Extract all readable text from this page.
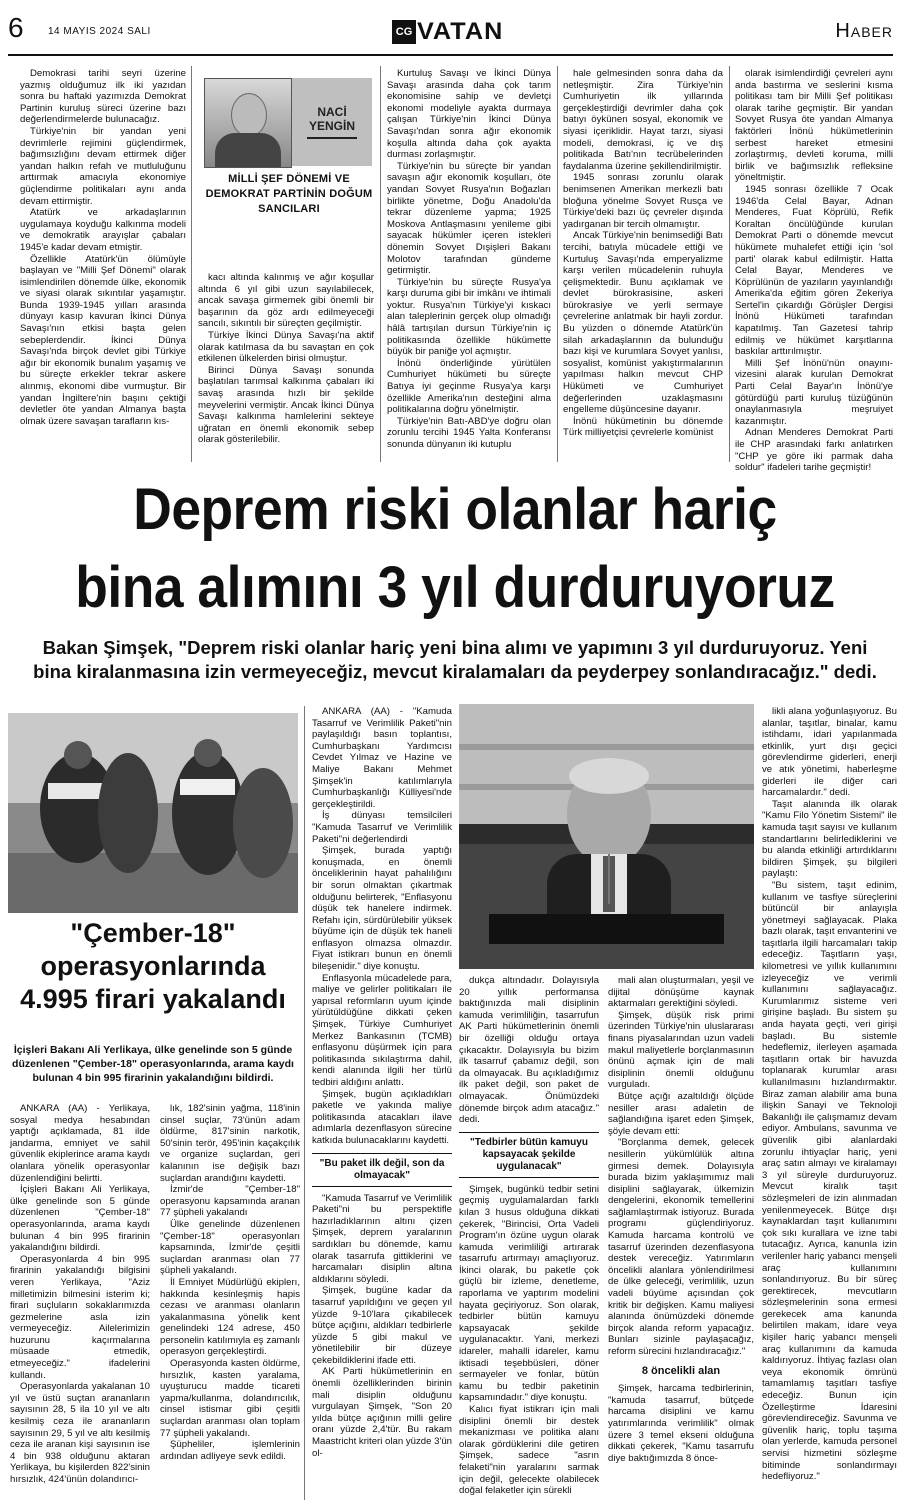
6 14 MAYIS 2024 SALI	CG VATAN	Haber

Demokrasi tarihi seyri üzerine yazmış olduğumuz ilk iki yazıdan sonra bu haftaki yazımızda Demokrat Partinin kuruluş süreci üzerine bazı değerlendirmelerde bulunacağız.

Türkiye'nin bir yandan yeni devrimlerle rejimini güçlendirmek, bağımsızlığını devam ettirmek diğer yandan halkın refah ve mutluluğunu arttırmak amacıyla ekonomiye güçlendirme politikaları aynı anda devam ettirmiştir.

Atatürk ve arkadaşlarının uygulamaya koyduğu kalkınma modeli ve demokratik arayışlar çabaları 1945'e kadar devam etmiştir.

Özellikle Atatürk'ün ölümüyle başlayan ve "Milli Şef Dönemi" olarak isimlendirilen dönemde ülke, ekonomik ve siyasi olarak sıkıntılar yaşamıştır. Bunda 1939-1945 yılları arasında dünyayı kasıp kavuran İkinci Dünya Savaşı'nın etkisi başta gelen sebeplerdendir. İkinci Dünya Savaşı'nda birçok devlet gibi Türkiye ağır bir ekonomik bunalım yaşamış ve bu süreçte erkekler tekrar askere alınmış, ekonomi dibe vurmuştur. Bir yandan İngiltere'nin başını çektiği devletler öte yandan Almanya başta olmak üzere savaşan tarafların kıs-

NACİ
YENGİN
MİLLİ ŞEF DÖNEMİ VE DEMOKRAT PARTİNİN DOĞUM SANCILARI

kacı altında kalınmış ve ağır koşullar altında 6 yıl gibi uzun sayılabilecek, ancak savaşa girmemek gibi önemli bir başarının da göz ardı edilmeyeceği sancılı, sıkıntılı bir süreçten geçilmiştir.

Türkiye İkinci Dünya Savaşı'na aktif olarak katılmasa da bu savaştan en çok etkilenen ülkelerden birisi olmuştur.

Birinci Dünya Savaşı sonunda başlatılan tarımsal kalkınma çabaları iki savaş arasında hızlı bir şekilde meyvelerini vermiştir. Ancak İkinci Dünya Savaşı kalkınma hamlelerini sekteye uğratan en önemli ekonomik sebep olarak gösterilebilir.

Kurtuluş Savaşı ve İkinci Dünya Savaşı arasında daha çok tarım ekonomisine sahip ve devletçi ekonomi modeliyle ayakta durmaya çalışan Türkiye'nin İkinci Dünya Savaşı'ndan sonra ağır ekonomik koşulla altında daha çok ayakta durması zorlaşmıştır.

Türkiye'nin bu süreçte bir yandan savaşın ağır ekonomik koşulları, öte yandan Sovyet Rusya'nın Boğazları birlikte yönetme, Doğu Anadolu'da tekrar düzenleme yapma; 1925 Moskova Antlaşmasını yenileme gibi sayacak hükümler içeren istekleri dönemin Sovyet Dışişleri Bakanı Molotov tarafından gündeme getirmiştir.

Türkiye'nin bu süreçte Rusya'ya karşı duruma gibi bir imkânı ve ihtimali yoktur. Rusya'nın Türkiye'yi kıskacı alan taleplerinin gerçek olup olmadığı hâlâ tartışılan dursun Türkiye'nin iç politikasında özellikle hükümette büyük bir paniğe yol açmıştır.

İnönü önderliğinde yürütülen Cumhuriyet hükümeti bu süreçte Batıya iyi geçinme Rusya'ya karşı özellikle Amerika'nın desteğini alma politikalarına doğru yönelmiştir.

Türkiye'nin Batı-ABD'ye doğru olan zorunlu tercihi 1945 Yalta Konferansı sonunda dünyanın iki kutuplu

hale gelmesinden sonra daha da netleşmiştir. Zira Türkiye'nin Cumhuriyetin ilk yıllarında gerçekleştirdiği devrimler daha çok batıyı öykünen sosyal, ekonomik ve siyasi içeriklidir. Hayat tarzı, siyasi modeli, demokrasi, iç ve dış politikada Batı'nın tecrübelerinden faydalanma üzerine şekillendirilmiştir.

1945 sonrası zorunlu olarak benimsenen Amerikan merkezli batı bloğuna yönelme Sovyet Rusça ve Türkiye'deki bazı üç çevreler dışında yadırganan bir tercih olmamıştır.

Ancak Türkiye'nin benimsediği Batı tercihi, batıyla mücadele ettiği ve Kurtuluş Savaşı'nda emperyalizme karşı verilen mücadelenin ruhuyla çelişmektedir. Bunu açıklamak ve devlet bürokrasisine, askeri bürokrasiye ve yerli sermaye çevrelerine anlatmak bir hayli zordur. Bu yüzden o dönemde Atatürk'ün silah arkadaşlarının da bulunduğu bazı kişi ve kurumlara Sovyet yanlısı, sosyalist, komünist yakıştırmalarının yapılması halkın mevcut CHP Hükümeti ve Cumhuriyet değerlerinden uzaklaşmasını engelleme düşüncesine dayanır.

İnönü hükümetinin bu dönemde Türk milliyetçisi çevrelerle komünist

olarak isimlendirdiği çevreleri aynı anda bastırma ve seslerini kısma politikası tam bir Milli Şef politikası olarak tarihe geçmiştir. Bir yandan Sovyet Rusya öte yandan Almanya faktörleri İnönü hükümetlerinin serbest hareket etmesini zorlaştırmış, devleti koruma, milli birlik ve bağımsızlık refleksine yöneltmiştir.

1945 sonrası özellikle 7 Ocak 1946'da Celal Bayar, Adnan Menderes, Fuat Köprülü, Refik Koraltan öncülüğünde kurulan Demokrat Parti o dönemde mevcut hükümete muhalefet ettiği için 'sol parti' olarak kabul edilmiştir. Hatta Celal Bayar, Menderes ve Köprülünün de yazıların yayınlandığı Amerika'da eğitim gören Zekeriya Sertel'in çıkardığı Görüşler Dergisi İnönü Hükümeti tarafından kapatılmış. Tan Gazetesi tahrip edilmiş ve hükümet karşıtlarına baskılar arttırılmıştır.

Milli Şef İnönü'nün onayını- vizesini alarak kurulan Demokrat Parti Celal Bayar'ın İnönü'ye götürdüğü parti kuruluş tüzüğünün onaylanmasıyla meşruiyet kazanmıştır.

Adnan Menderes Demokrat Parti ile CHP arasındaki farkı anlatırken "CHP ye göre iki parmak daha soldur" ifadeleri tarihe geçmiştir!

Deprem riski olanlar hariç
bina alımını 3 yıl durduruyoruz
Bakan Şimşek, "Deprem riski olanlar hariç yeni bina alımı ve yapımını 3 yıl durduruyoruz. Yeni bina kiralanmasına izin vermeyeceğiz, mevcut kiralamaları da peyderpey sonlandıracağız." dedi.
"Çember-18"
operasyonlarında
4.995 firari yakalandı
İçişleri Bakanı Ali Yerlikaya, ülke genelinde son 5 günde düzenlenen "Çember-18" operasyonlarında, arama kaydı bulunan 4 bin 995 firarinin yakalandığını bildirdi.

ANKARA (AA) - Yerlikaya, sosyal medya hesabından yaptığı açıklamada, 81 ilde jandarma, emniyet ve sahil güvenlik ekiplerince arama kaydı olanlara yönelik operasyonlar düzenlendiğini belirtti.

İçişleri Bakanı Ali Yerlikaya, ülke genelinde son 5 günde düzenlenen "Çember-18" operasyonlarında, arama kaydı bulunan 4 bin 995 firarinin yakalandığını bildirdi.

Operasyonlarda 4 bin 995 firarinin yakalandığı bilgisini veren Yerlikaya, "Aziz milletimizin bilmesini isterim ki; firari suçluların sokaklarımızda gezmelerine asla izin vermeyeceğiz. Ailelerimizin huzurunu kaçırmalarına müsaade etmedik, etmeyeceğiz." ifadelerini kullandı.

Operasyonlarda yakalanan 10 yıl ve üstü suçtan arananların sayısının 28, 5 ila 10 yıl ve altı kesilmiş ceza ile arananların sayısının 29, 5 yıl ve altı kesilmiş ceza ile aranan kişi sayısının ise 4 bin 938 olduğunu aktaran Yerlikaya, bu kişilerden 822'sinin hırsızlık, 424'ünün dolandırıcı-

lık, 182'sinin yağma, 118'inin cinsel suçlar, 73'ünün adam öldürme, 817'sinin narkotik, 50'sinin terör, 495'inin kaçakçılık ve organize suçlardan, geri kalanının ise değişik bazı suçlardan arandığını kaydetti.

İzmir'de "Çember-18" operasyonu kapsamında aranan 77 şüpheli yakalandı

Ülke genelinde düzenlenen "Çember-18" operasyonları kapsamında, İzmir'de çeşitli suçlardan aranması olan 77 şüpheli yakalandı.

İl Emniyet Müdürlüğü ekiplerı, hakkında kesinleşmiş hapis cezası ve aranması olanların yakalanmasına yönelik kent genelindeki 124 adrese, 450 personelin katılımıyla eş zamanlı operasyon gerçekleştirdi.

Operasyonda kasten öldürme, hırsızlık, kasten yaralama, uyuşturucu madde ticareti yapma/kullanma, dolandırıcılık, cinsel istismar gibi çeşitli suçlardan aranması olan toplam 77 şüpheli yakalandı.

Şüpheliler, işlemlerinin ardından adliyeye sevk edildi.

ANKARA (AA) - "Kamuda Tasarruf ve Verimlilik Paketi"nin paylaşıldığı basın toplantısı, Cumhurbaşkanı Yardımcısı Cevdet Yılmaz ve Hazine ve Maliye Bakanı Mehmet Şimşek'in katılımlarıyla Cumhurbaşkanlığı Külliyesi'nde gerçekleştirildi.

İş dünyası temsilcileri "Kamuda Tasarruf ve Verimlilik Paketi"ni değerlendirdi

Şimşek, burada yaptığı konuşmada, en önemli önceliklerinin hayat pahalılığını bir sorun olmaktan çıkartmak olduğunu belirterek, "Enflasyonu düşük tek hanelere indirmek. Refahı için, sürdürülebilir yüksek büyüme için de düşük tek haneli enflasyon olmazsa olmazdır. Fiyat istikrarı bunun en önemli bileşenidir." diye konuştu.

Enflasyonla mücadelede para, maliye ve gelirler politikaları ile yapısal reformların uyum içinde yürütüldüğüne dikkati çeken Şimşek, Türkiye Cumhuriyet Merkez Bankasının (TCMB) enflasyonu düşürmek için para politikasında sıkılaştırma dahil, kendi alanında ilgili her türlü tedbiri aldığını anlattı.

Şimşek, bugün açıkladıkları paketle ve yakında maliye politikasında atacakları ilave adımlarla dezenflasyon sürecine katkıda bulunacaklarını kaydetti.

"Bu paket ilk değil, son da olmayacak"

"Kamuda Tasarruf ve Verimlilik Paketi"ni bu perspektifle hazırladıklarının altını çizen Şimşek, deprem yaralarının sardıkları bu dönemde, kamu olarak tasarrufa gittiklerini ve harcamaları disiplin altına aldıklarını söyledi.

Şimşek, bugüne kadar da tasarruf yapıldığını ve geçen yıl yüzde 9-10'lara çıkabilecek bütçe açığını, aldıkları tedbirlerle yüzde 5 gibi makul ve yönetilebilir bir düzeye çekebildiklerini ifade etti.

AK Parti hükümetlerinin en önemli özelliklerinden birinin mali disiplin olduğunu vurgulayan Şimşek, "Son 20 yılda bütçe açığının milli gelire oranı yüzde 2,4'tür. Bu rakam Maastricht kriteri olan yüzde 3'ün ol-

dukça altındadır. Dolayısıyla 20 yıllık performansa baktığınızda mali disiplinin kamuda verimliliğin, tasarrufun AK Parti hükümetlerinin önemli bir özelliği olduğu ortaya çıkacaktır. Dolayısıyla bu bizim ilk tasarruf çabamız değil, son da olmayacak. Bu açıkladığımız ilk paket değil, son paket de olmayacak. Önümüzdeki dönemde birçok adım atacağız." dedi.

"Tedbirler bütün kamuyu kapsayacak şekilde uygulanacak"

Şimşek, bugünkü tedbir setini geçmiş uygulamalardan farklı kılan 3 husus olduğuna dikkati çekerek, "Birincisi, Orta Vadeli Program'ın özüne uygun olarak kamuda verimliliği artırarak tasarrufu artırmayı amaçlıyoruz. İkinci olarak, bu paketle çok güçlü bir izleme, denetleme, raporlama ve yaptırım modelini hayata geçiriyoruz. Son olarak, tedbirler bütün kamuyu kapsayacak şekilde uygulanacaktır. Yani, merkezi idareler, mahalli idareler, kamu iktisadi teşebbüsleri, döner sermayeler ve fonlar, bütün kamu bu tedbir paketinin kapsamındadır." diye konuştu.

Kalıcı fiyat istikrarı için mali disiplini önemli bir destek mekanizması ve politika alanı olarak gördüklerini dile getiren Şimşek, sadece "asrın felaketi"nin yaralarını sarmak için değil, gelecekte olabilecek doğal felaketler için sürekli

mali alan oluşturmaları, yeşil ve dijital dönüşüme kaynak aktarmaları gerektiğini söyledi.

Şimşek, düşük risk primi üzerinden Türkiye'nin uluslararası finans piyasalarından uzun vadeli makul maliyetlerle borçlanmasının önünü açmak için de mali disiplinin önemli olduğunu vurguladı.

Bütçe açığı azaltıldığı ölçüde nesiller arası adaletin de sağlandığına işaret eden Şimşek, şöyle devam etti:

"Borçlanma demek, gelecek nesillerin yükümlülük altına girmesi demek. Dolayısıyla burada bizim yaklaşımımız mali disiplini sağlayarak, ülkemizin dengelerini, ekonomik temellerini sağlamlaştırmak istiyoruz. Burada programı güçlendiriyoruz. Kamuda harcama kontrolü ve tasarruf üzerinden dezenflasyona destek vereceğiz. Yatırımların öncelikli alanlara yönlendirilmesi de ülke geleceği, verimlilik, uzun vadeli büyüme açısından çok kritik bir değişken. Kamu maliyesi alanında önümüzdeki dönemde birçok alanda reform yapacağız. Bunları sizinle paylaşacağız, reform sürecini hızlandıracağız."

8 öncelikli alan

Şimşek, harcama tedbirlerinin, "kamuda tasarruf, bütçede harcama disiplini ve kamu yatırımlarında verimlilik" olmak üzere 3 temel ekseni olduğuna dikkati çekerek, "Kamu tasarrufu diye baktığımızda 8 önce-

likli alana yoğunlaşıyoruz. Bu alanlar, taşıtlar, binalar, kamu istihdamı, idari yapılanmada etkinlik, yurt dışı geçici görevlendirme giderleri, enerji ve atık yönetimi, haberleşme giderleri ile diğer cari harcamalardır." dedi.

Taşıt alanında ilk olarak "Kamu Filo Yönetim Sistemi" ile kamuda taşıt sayısı ve kullanım standartlarını belirlediklerini ve bu alanda etkinliği artırdıklarını bildiren Şimşek, şu bilgileri paylaştı:

"Bu sistem, taşıt edinim, kullanım ve tasfiye süreçlerini bütüncül bir anlayışla yönetmeyi sağlayacak. Plaka bazlı olarak, taşıt envanterini ve taşıtlarla ilgili harcamaları takip edeceğiz. Taşıtların yaşı, kilometresi ve yıllık kullanımını izleyeceğiz ve verimli kullanımını sağlayacağız. Kurumlarımız sisteme veri girişine başladı. Bu sistem şu anda hayata geçti, veri girişi başladı. Bu sistemle hedeflemiz, ilerleyen aşamada taşıtların ortak bir havuzda toplanarak kurumlar arası kullanılmasını hızlandırmaktır. Biraz zaman alabilir ama buna ilişkin Sanayi ve Teknoloji Bakanlığı ile çalışmamız devam ediyor. Ambulans, savunma ve güvenlik gibi alanlardaki zorunlu ihtiyaçlar hariç, yeni araç satın almayı ve kiralamayı 3 yıl süreyle durduruyoruz. Mevcut kiralık taşıt sözleşmeleri de izin alınmadan yenilenmeyecek. Bütçe dışı kaynaklardan taşıt kullanımını çok sıkı kurallara ve izne tabi tutacağız. Ayrıca, kanunla izin verilenler hariç yabancı menşeli araç kullanımını sonlandırıyoruz. Bu bir süreç gerektirecek, mevcutların sözleşmelerinin sona ermesi gerekecek ama kanunda belirtilen makam, idare veya kişiler hariç yabancı menşeli araç kullanımını da kamuda kaldırıyoruz. İhtiyaç fazlası olan veya ekonomik ömrünü tamamlamış taşıtları tasfiye edeceğiz. Bunun için Özelleştirme İdaresini görevlendireceğiz. Savunma ve güvenlik hariç, toplu taşıma olan yerlerde, kamuda personel servisi hizmetini sözleşme bitiminde sonlandırmayı hedefliyoruz."
